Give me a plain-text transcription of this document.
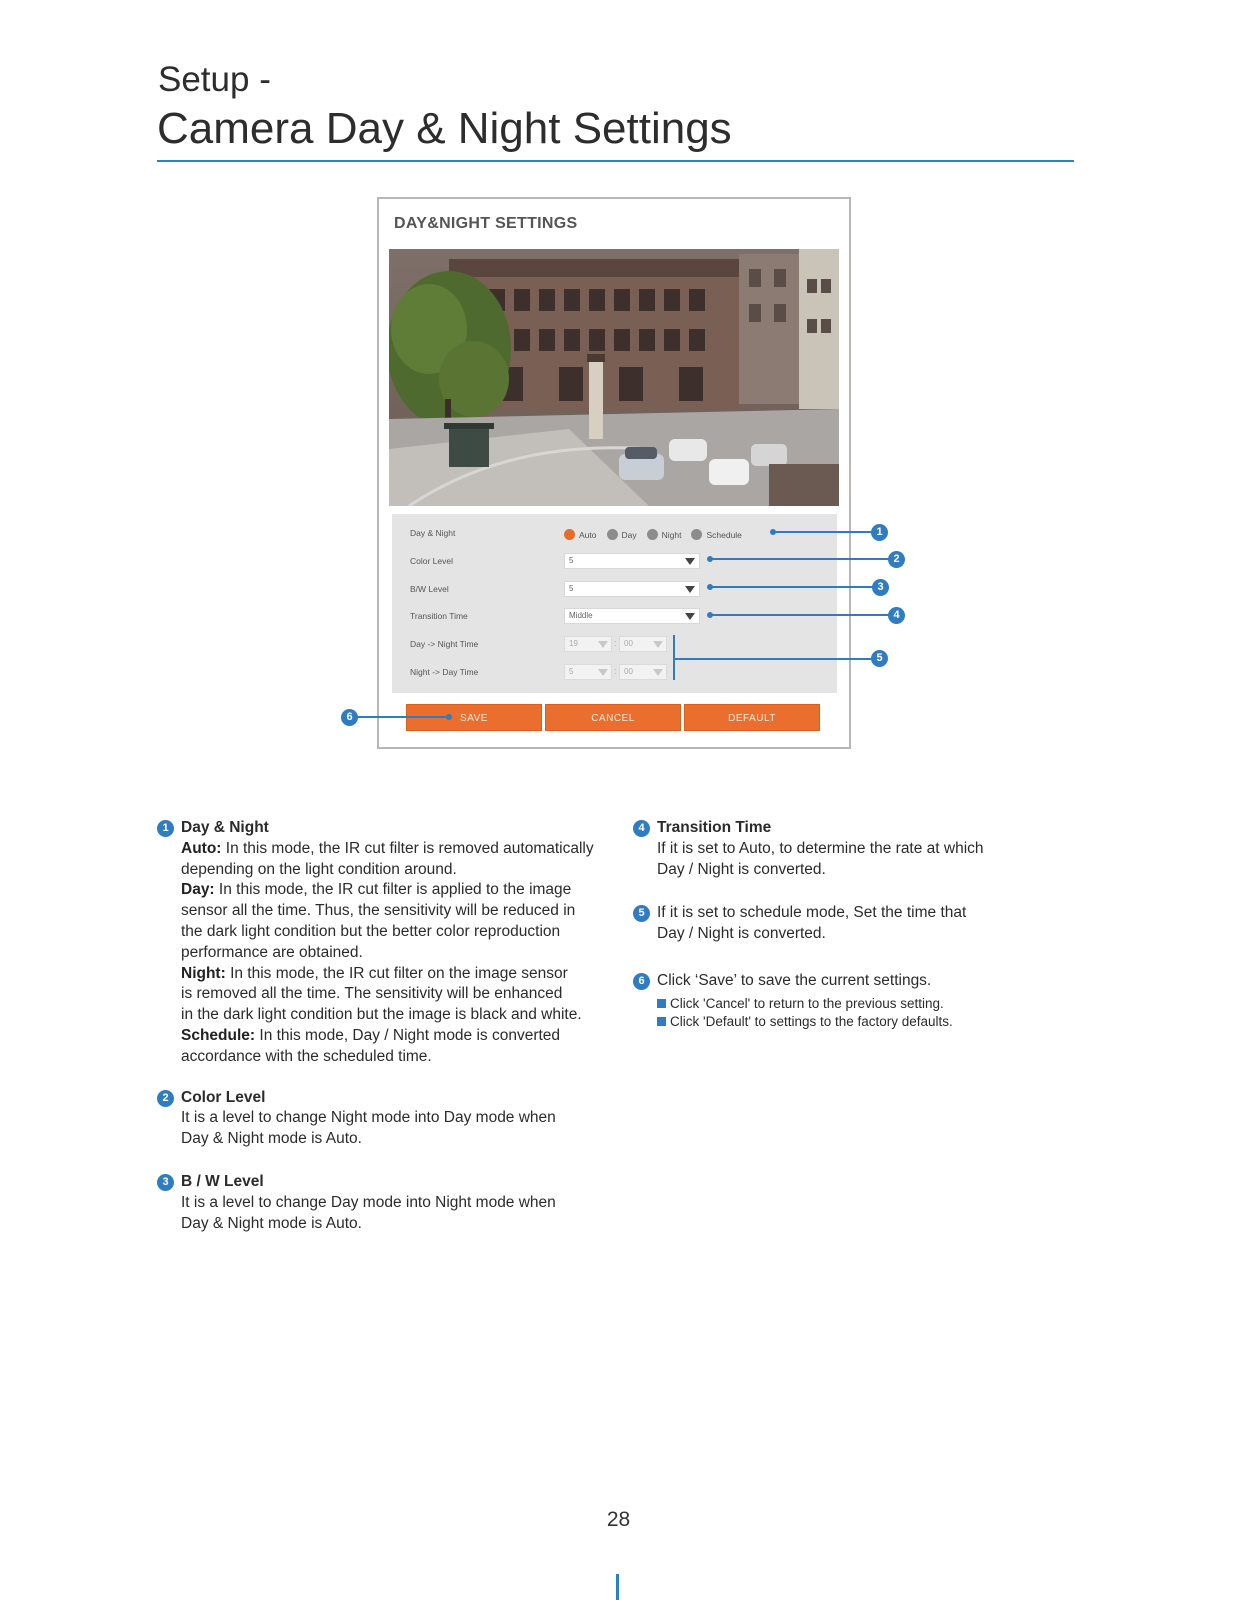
Setup -
Camera Day & Night Settings
DAY&NIGHT SETTINGS
Day & Night	Auto	Day	Night	Schedule
Color Level	5
B/W Level	5
Transition Time	Middle
Day -> Night Time	19	: 00
Night -> Day Time	5	: 00
SAVE	CANCEL	DEFAULT
1
2
3
4
5
6
1 Day & Night
Auto: In this mode, the IR cut filter is removed automatically
depending on the light condition around.
Day: In this mode, the IR cut filter is applied to the image
sensor all the time. Thus, the sensitivity will be reduced in
the dark light condition but the better color reproduction
performance are obtained.
Night: In this mode, the IR cut filter on the image sensor
is removed all the time. The sensitivity will be enhanced
in the dark light condition but the image is black and white.
Schedule: In this mode, Day / Night mode is converted
accordance with the scheduled time.
2 Color Level
It is a level to change Night mode into Day mode when
Day & Night mode is Auto.
3 B / W Level
It is a level to change Day mode into Night mode when
Day & Night mode is Auto.
4 Transition Time
If it is set to Auto, to determine the rate at which
Day / Night is converted.
5 If it is set to schedule mode, Set the time that
Day / Night is converted.
6 Click ‘Save’ to save the current settings.
Click 'Cancel' to return to the previous setting.
Click 'Default' to settings to the factory defaults.
28
